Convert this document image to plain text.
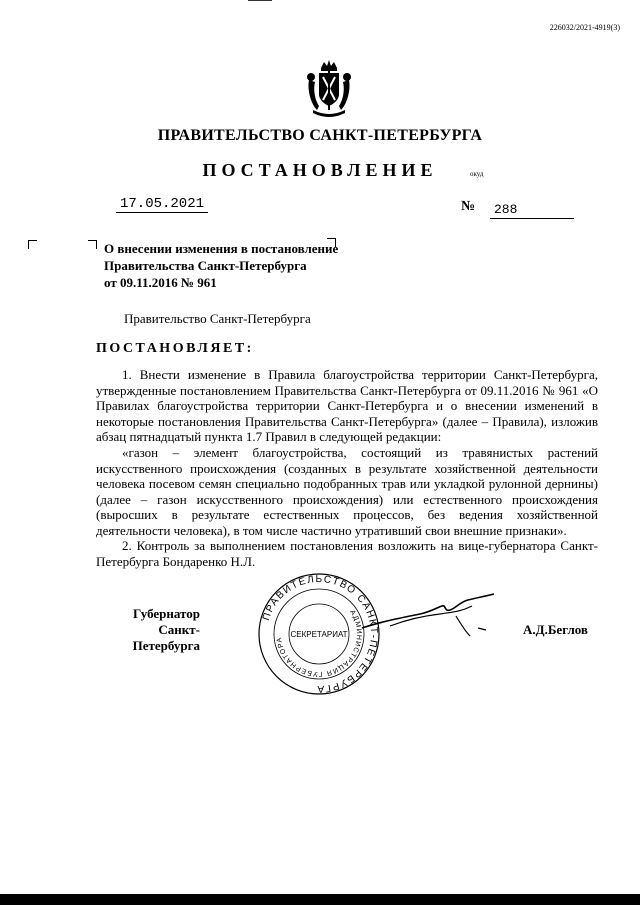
226032/2021-4919(3)
ПРАВИТЕЛЬСТВО САНКТ-ПЕТЕРБУРГА
ПОСТАНОВЛЕНИЕ	окуд
17.05.2021	№	288
О внесении изменения в постановление
Правительства Санкт-Петербурга
от 09.11.2016 № 961
Правительство Санкт-Петербурга
ПОСТАНОВЛЯЕТ:
1. Внести изменение в Правила благоустройства территории Санкт-Петербурга, утвержденные постановлением Правительства Санкт-Петербурга от 09.11.2016 № 961 «О Правилах благоустройства территории Санкт-Петербурга и о внесении изменений в некоторые постановления Правительства Санкт-Петербурга» (далее – Правила), изложив абзац пятнадцатый пункта 1.7 Правил в следующей редакции:
«газон – элемент благоустройства, состоящий из травянистых растений искусственного происхождения (созданных в результате хозяйственной деятельности человека посевом семян специально подобранных трав или укладкой рулонной дернины) (далее – газон искусственного происхождения) или естественного происхождения (выросших в результате естественных процессов, без ведения хозяйственной деятельности человека), в том числе частично утративший свои внешние признаки».
2. Контроль за выполнением постановления возложить на вице-губернатора Санкт-Петербурга Бондаренко Н.Л.
Губернатор
Санкт-Петербурга
ПРАВИТЕЛЬСТВО САНКТ-ПЕТЕРБУРГА
АДМИНИСТРАЦИЯ ГУБЕРНАТОРА
СЕКРЕТАРИАТ	А.Д.Беглов
